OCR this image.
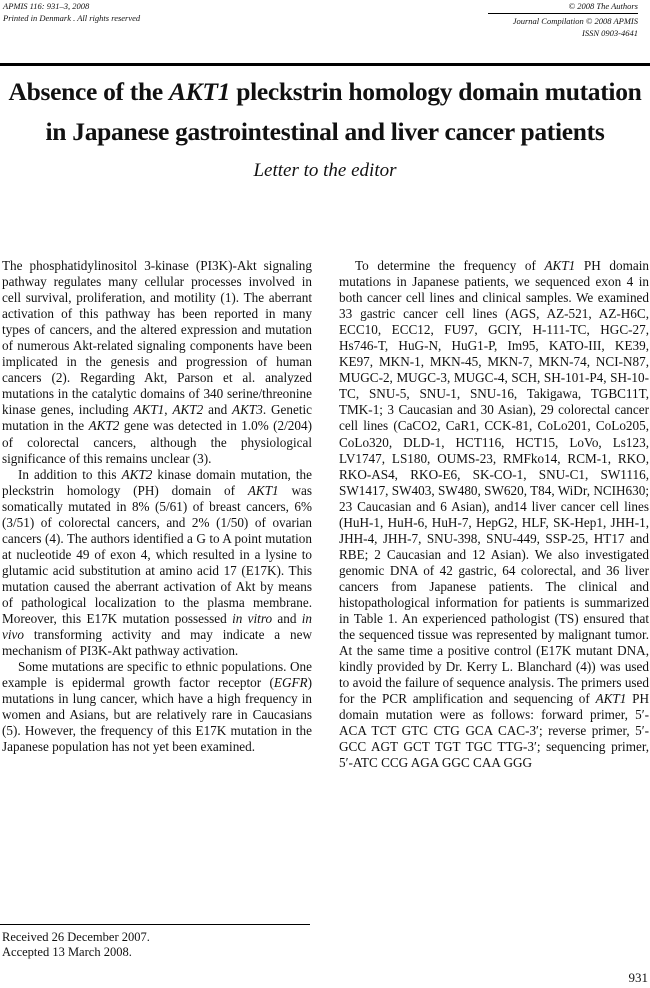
APMIS 116: 931–3, 2008
Printed in Denmark . All rights reserved
© 2008 The Authors
Journal Compilation © 2008 APMIS
ISSN 0903-4641
Absence of the AKT1 pleckstrin homology domain mutation
in Japanese gastrointestinal and liver cancer patients
Letter to the editor

The phosphatidylinositol 3-kinase (PI3K)-Akt signaling pathway regulates many cellular processes involved in cell survival, proliferation, and motility (1). The aberrant activation of this pathway has been reported in many types of cancers, and the altered expression and mutation of numerous Akt-related signaling components have been implicated in the genesis and progression of human cancers (2). Regarding Akt, Parson et al. analyzed mutations in the catalytic domains of 340 serine/threonine kinase genes, including AKT1, AKT2 and AKT3. Genetic mutation in the AKT2 gene was detected in 1.0% (2/204) of colorectal cancers, although the physiological significance of this remains unclear (3).

In addition to this AKT2 kinase domain mutation, the pleckstrin homology (PH) domain of AKT1 was somatically mutated in 8% (5/61) of breast cancers, 6% (3/51) of colorectal cancers, and 2% (1/50) of ovarian cancers (4). The authors identified a G to A point mutation at nucleotide 49 of exon 4, which resulted in a lysine to glutamic acid substitution at amino acid 17 (E17K). This mutation caused the aberrant activation of Akt by means of pathological localization to the plasma membrane. Moreover, this E17K mutation possessed in vitro and in vivo transforming activity and may indicate a new mechanism of PI3K-Akt pathway activation.

Some mutations are specific to ethnic populations. One example is epidermal growth factor receptor (EGFR) mutations in lung cancer, which have a high frequency in women and Asians, but are relatively rare in Caucasians (5). However, the frequency of this E17K mutation in the Japanese population has not yet been examined.

To determine the frequency of AKT1 PH domain mutations in Japanese patients, we sequenced exon 4 in both cancer cell lines and clinical samples. We examined 33 gastric cancer cell lines (AGS, AZ-521, AZ-H6C, ECC10, ECC12, FU97, GCIY, H-111-TC, HGC-27, Hs746-T, HuG-N, HuG1-P, Im95, KATO-III, KE39, KE97, MKN-1, MKN-45, MKN-7, MKN-74, NCI-N87, MUGC-2, MUGC-3, MUGC-4, SCH, SH-101-P4, SH-10-TC, SNU-5, SNU-1, SNU-16, Takigawa, TGBC11T, TMK-1; 3 Caucasian and 30 Asian), 29 colorectal cancer cell lines (CaCO2, CaR1, CCK-81, CoLo201, CoLo205, CoLo320, DLD-1, HCT116, HCT15, LoVo, Ls123, LV1747, LS180, OUMS-23, RMFko14, RCM-1, RKO, RKO-AS4, RKO-E6, SK-CO-1, SNU-C1, SW1116, SW1417, SW403, SW480, SW620, T84, WiDr, NCIH630; 23 Caucasian and 6 Asian), and14 liver cancer cell lines (HuH-1, HuH-6, HuH-7, HepG2, HLF, SK-Hep1, JHH-1, JHH-4, JHH-7, SNU-398, SNU-449, SSP-25, HT17 and RBE; 2 Caucasian and 12 Asian). We also investigated genomic DNA of 42 gastric, 64 colorectal, and 36 liver cancers from Japanese patients. The clinical and histopathological information for patients is summarized in Table 1. An experienced pathologist (TS) ensured that the sequenced tissue was represented by malignant tumor. At the same time a positive control (E17K mutant DNA, kindly provided by Dr. Kerry L. Blanchard (4)) was used to avoid the failure of sequence analysis. The primers used for the PCR amplification and sequencing of AKT1 PH domain mutation were as follows: forward primer, 5′-ACA TCT GTC CTG GCA CAC-3′; reverse primer, 5′-GCC AGT GCT TGT TGC TTG-3′; sequencing primer, 5′-ATC CCG AGA GGC CAA GGG

Received 26 December 2007.
Accepted 13 March 2008.
931
